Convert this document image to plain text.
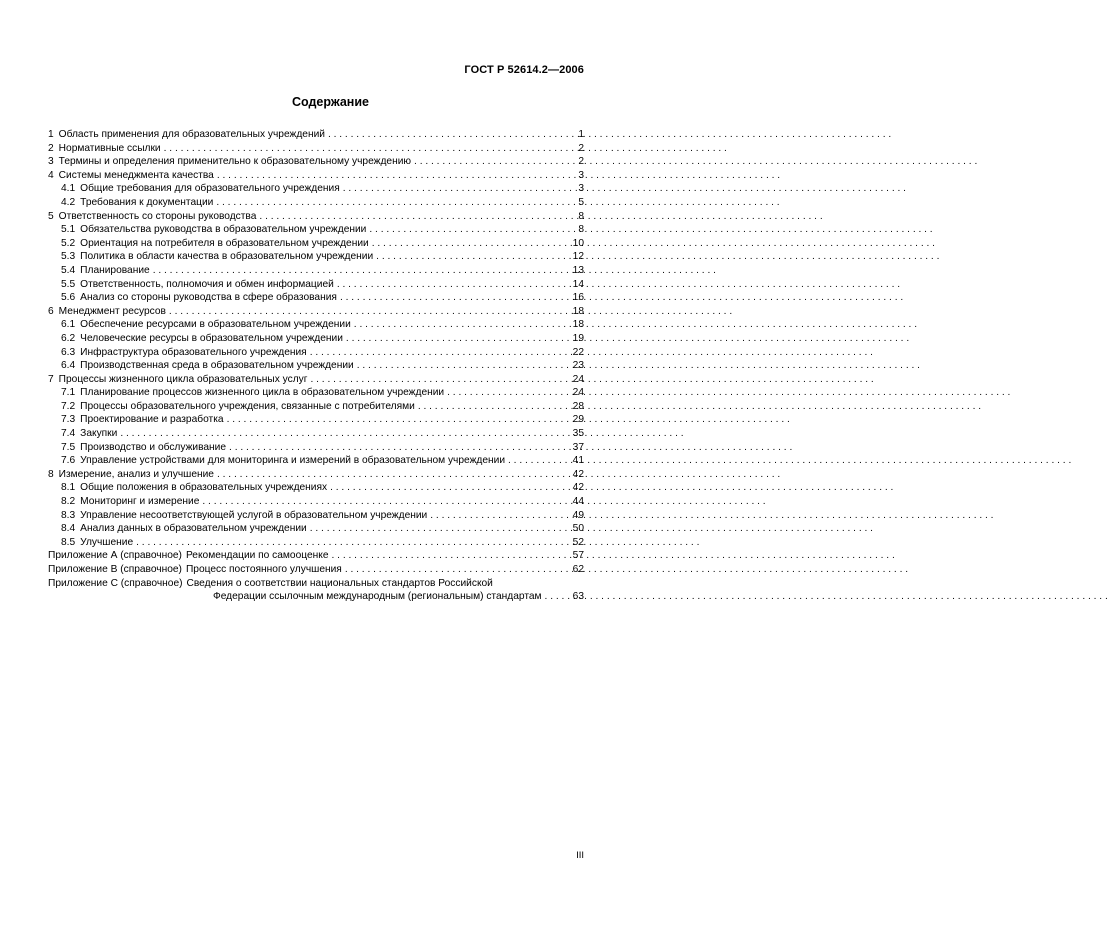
ГОСТ Р 52614.2—2006
Содержание
1 Область применения для образовательных учреждений . . .	1
2 Нормативные ссылки . . .	2
3 Термины и определения применительно к образовательному учреждению . . .	2
4 Системы менеджмента качества . . .	3
4.1 Общие требования для образовательного учреждения . . .	3
4.2 Требования к документации . . .	5
5 Ответственность со стороны руководства . . .	8
5.1 Обязательства руководства в образовательном учреждении . . .	8
5.2 Ориентация на потребителя в образовательном учреждении . . .	10
5.3 Политика в области качества в образовательном учреждении . . .	12
5.4 Планирование . . .	13
5.5 Ответственность, полномочия и обмен информацией . . .	14
5.6 Анализ со стороны руководства в сфере образования . . .	16
6 Менеджмент ресурсов . . .	18
6.1 Обеспечение ресурсами в образовательном учреждении . . .	18
6.2 Человеческие ресурсы в образовательном учреждении . . .	19
6.3 Инфраструктура образовательного учреждения . . .	22
6.4 Производственная среда в образовательном учреждении . . .	23
7 Процессы жизненного цикла образовательных услуг . . .	24
7.1 Планирование процессов жизненного цикла в образовательном учреждении . . .	24
7.2 Процессы образовательного учреждения, связанные с потребителями . . .	28
7.3 Проектирование и разработка . . .	29
7.4 Закупки . . .	35
7.5 Производство и обслуживание . . .	37
7.6 Управление устройствами для мониторинга и измерений в образовательном учреждении . . .	41
8 Измерение, анализ и улучшение . . .	42
8.1 Общие положения в образовательных учреждениях . . .	42
8.2 Мониторинг и измерение . . .	44
8.3 Управление несоответствующей услугой в образовательном учреждении . . .	49
8.4 Анализ данных в образовательном учреждении . . .	50
8.5 Улучшение . . .	52
Приложение А (справочное) Рекомендации по самооценке . . .	57
Приложение В (справочное) Процесс постоянного улучшения . . .	62
Приложение С (справочное) Сведения о соответствии национальных стандартов Российской
Федерации ссылочным международным (региональным) стандартам . . .	63
III
